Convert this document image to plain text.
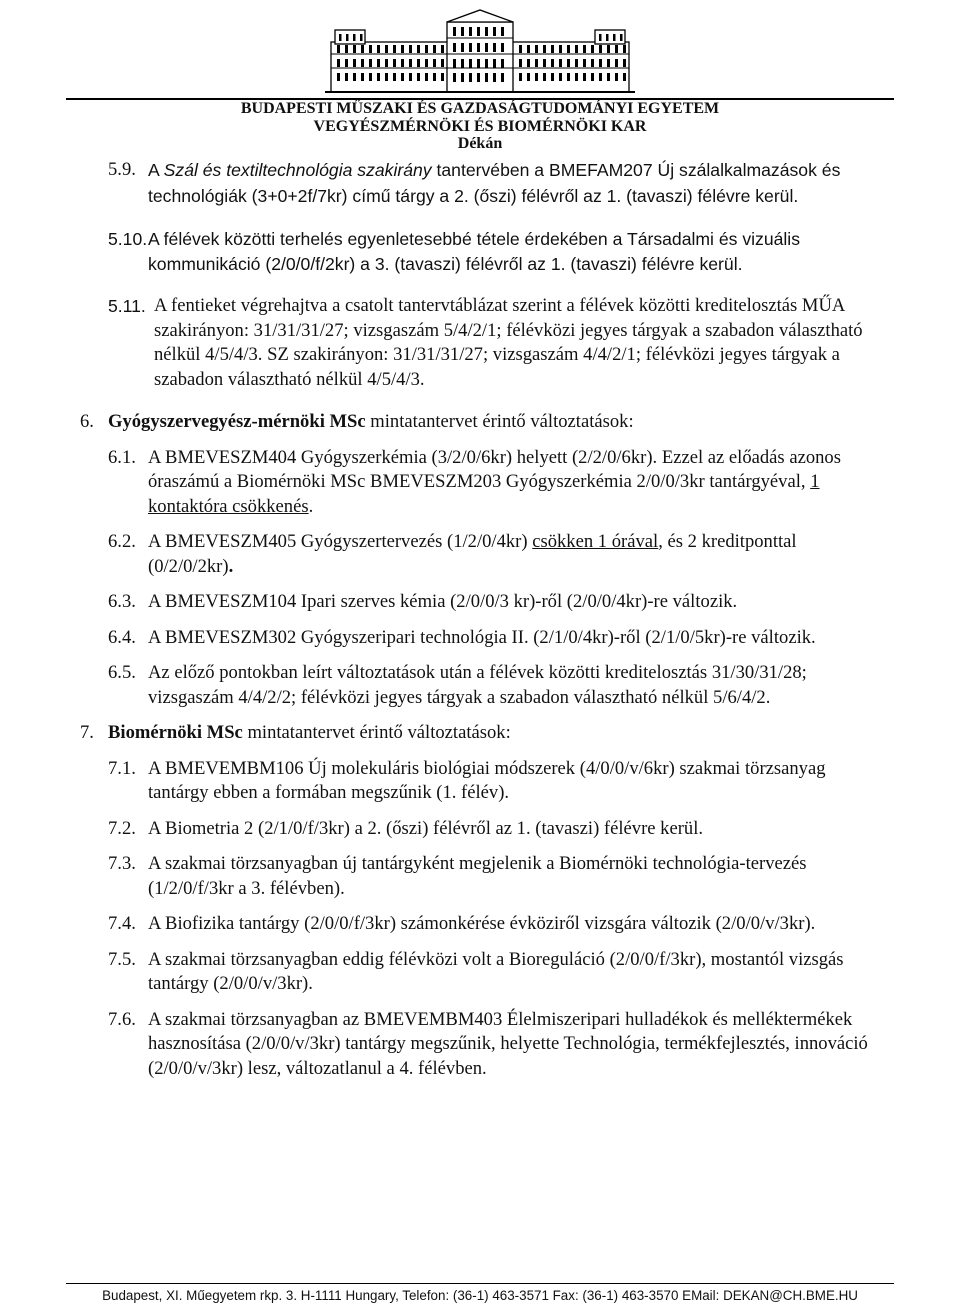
BUDAPESTI MŰSZAKI ÉS GAZDASÁGTUDOMÁNYI EGYETEM
VEGYÉSZMÉRNÖKI ÉS BIOMÉRNÖKI KAR
Dékán
5.9. A Szál és textiltechnológia szakirány tantervében a BMEFAM207 Új szálalkalmazások és technológiák (3+0+2f/7kr) című tárgy a 2. (őszi) félévről az 1. (tavaszi) félévre kerül.
5.10. A félévek közötti terhelés egyenletesebbé tétele érdekében a Társadalmi és vizuális kommunikáció (2/0/0/f/2kr) a 3. (tavaszi) félévről az 1. (tavaszi) félévre kerül.
5.11. A fentieket végrehajtva a csatolt tantervtáblázat szerint a félévek közötti kreditelosztás MŰA szakirányon: 31/31/31/27; vizsgaszám 5/4/2/1; félévközi jegyes tárgyak a szabadon választható nélkül 4/5/4/3. SZ szakirányon: 31/31/31/27; vizsgaszám 4/4/2/1; félévközi jegyes tárgyak a szabadon választható nélkül 4/5/4/3.
6. Gyógyszervegyész-mérnöki MSc mintatantervet érintő változtatások:
6.1. A BMEVESZM404 Gyógyszerkémia (3/2/0/6kr) helyett (2/2/0/6kr). Ezzel az előadás azonos óraszámú a Biomérnöki MSc BMEVESZM203 Gyógyszerkémia 2/0/0/3kr tantárgyéval, 1 kontaktóra csökkenés.
6.2. A BMEVESZM405 Gyógyszertervezés (1/2/0/4kr) csökken 1 órával, és 2 kreditponttal (0/2/0/2kr).
6.3. A BMEVESZM104 Ipari szerves kémia (2/0/0/3 kr)-ről (2/0/0/4kr)-re változik.
6.4. A BMEVESZM302 Gyógyszeripari technológia II. (2/1/0/4kr)-ről (2/1/0/5kr)-re változik.
6.5. Az előző pontokban leírt változtatások után a félévek közötti kreditelosztás 31/30/31/28; vizsgaszám 4/4/2/2; félévközi jegyes tárgyak a szabadon választható nélkül 5/6/4/2.
7. Biomérnöki MSc mintatantervet érintő változtatások:
7.1. A BMEVEMBM106 Új molekuláris biológiai módszerek (4/0/0/v/6kr) szakmai törzsanyag tantárgy ebben a formában megszűnik (1. félév).
7.2. A Biometria 2 (2/1/0/f/3kr) a 2. (őszi) félévről az 1. (tavaszi) félévre kerül.
7.3. A szakmai törzsanyagban új tantárgyként megjelenik a Biomérnöki technológia-tervezés (1/2/0/f/3kr a 3. félévben).
7.4. A Biofizika tantárgy (2/0/0/f/3kr) számonkérése évköziről vizsgára változik (2/0/0/v/3kr).
7.5. A szakmai törzsanyagban eddig félévközi volt a Bioreguláció (2/0/0/f/3kr), mostantól vizsgás tantárgy (2/0/0/v/3kr).
7.6. A szakmai törzsanyagban az BMEVEMBM403 Élelmiszeripari hulladékok és melléktermékek hasznosítása (2/0/0/v/3kr) tantárgy megszűnik, helyette Technológia, termékfejlesztés, innováció (2/0/0/v/3kr) lesz, változatlanul a 4. félévben.
Budapest, XI. Műegyetem rkp. 3. H-1111 Hungary, Telefon: (36-1) 463-3571 Fax: (36-1) 463-3570 EMail: DEKAN@CH.BME.HU
